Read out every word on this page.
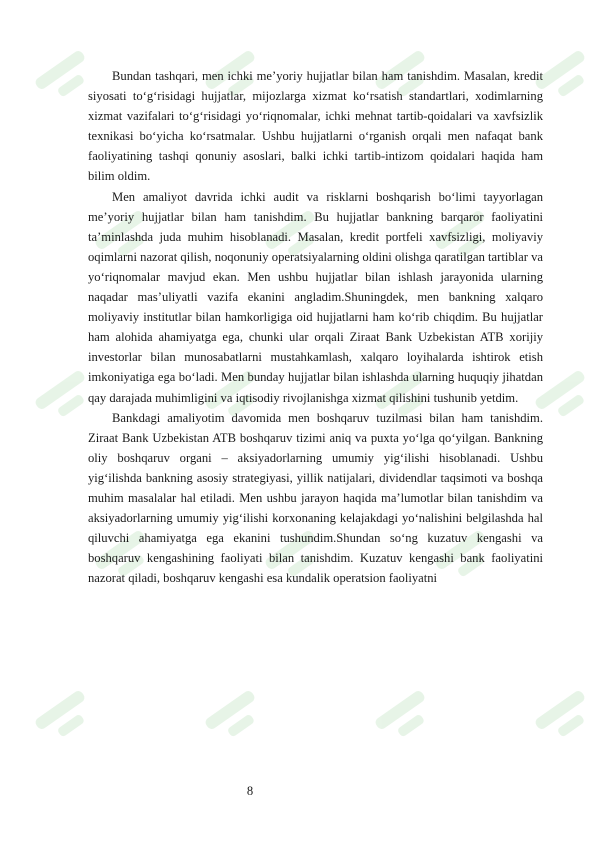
Bundan tashqari, men ichki me’yoriy hujjatlar bilan ham tanishdim. Masalan, kredit siyosati to‘g‘risidagi hujjatlar, mijozlarga xizmat ko‘rsatish standartlari, xodimlarning xizmat vazifalari to‘g‘risidagi yo‘riqnomalar, ichki mehnat tartib-qoidalari va xavfsizlik texnikasi bo‘yicha ko‘rsatmalar. Ushbu hujjatlarni o‘rganish orqali men nafaqat bank faoliyatining tashqi qonuniy asoslari, balki ichki tartib-intizom qoidalari haqida ham bilim oldim.

Men amaliyot davrida ichki audit va risklarni boshqarish bo‘limi tayyorlagan me’yoriy hujjatlar bilan ham tanishdim. Bu hujjatlar bankning barqaror faoliyatini ta’minlashda juda muhim hisoblanadi. Masalan, kredit portfeli xavfsizligi, moliyaviy oqimlarni nazorat qilish, noqonuniy operatsiyalarning oldini olishga qaratilgan tartiblar va yo‘riqnomalar mavjud ekan. Men ushbu hujjatlar bilan ishlash jarayonida ularning naqadar mas’uliyatli vazifa ekanini angladim.Shuningdek, men bankning xalqaro moliyaviy institutlar bilan hamkorligiga oid hujjatlarni ham ko‘rib chiqdim. Bu hujjatlar ham alohida ahamiyatga ega, chunki ular orqali Ziraat Bank Uzbekistan ATB xorijiy investorlar bilan munosabatlarni mustahkamlash, xalqaro loyihalarda ishtirok etish imkoniyatiga ega bo‘ladi. Men bunday hujjatlar bilan ishlashda ularning huquqiy jihatdan qay darajada muhimligini va iqtisodiy rivojlanishga xizmat qilishini tushunib yetdim.

Bankdagi amaliyotim davomida men boshqaruv tuzilmasi bilan ham tanishdim. Ziraat Bank Uzbekistan ATB boshqaruv tizimi aniq va puxta yo‘lga qo‘yilgan. Bankning oliy boshqaruv organi – aksiyadorlarning umumiy yig‘ilishi hisoblanadi. Ushbu yig‘ilishda bankning asosiy strategiyasi, yillik natijalari, dividendlar taqsimoti va boshqa muhim masalalar hal etiladi. Men ushbu jarayon haqida ma’lumotlar bilan tanishdim va aksiyadorlarning umumiy yig‘ilishi korxonaning kelajakdagi yo‘nalishini belgilashda hal qiluvchi ahamiyatga ega ekanini tushundim.Shundan so‘ng kuzatuv kengashi va boshqaruv kengashining faoliyati bilan tanishdim. Kuzatuv kengashi bank faoliyatini nazorat qiladi, boshqaruv kengashi esa kundalik operatsion faoliyatni

8
